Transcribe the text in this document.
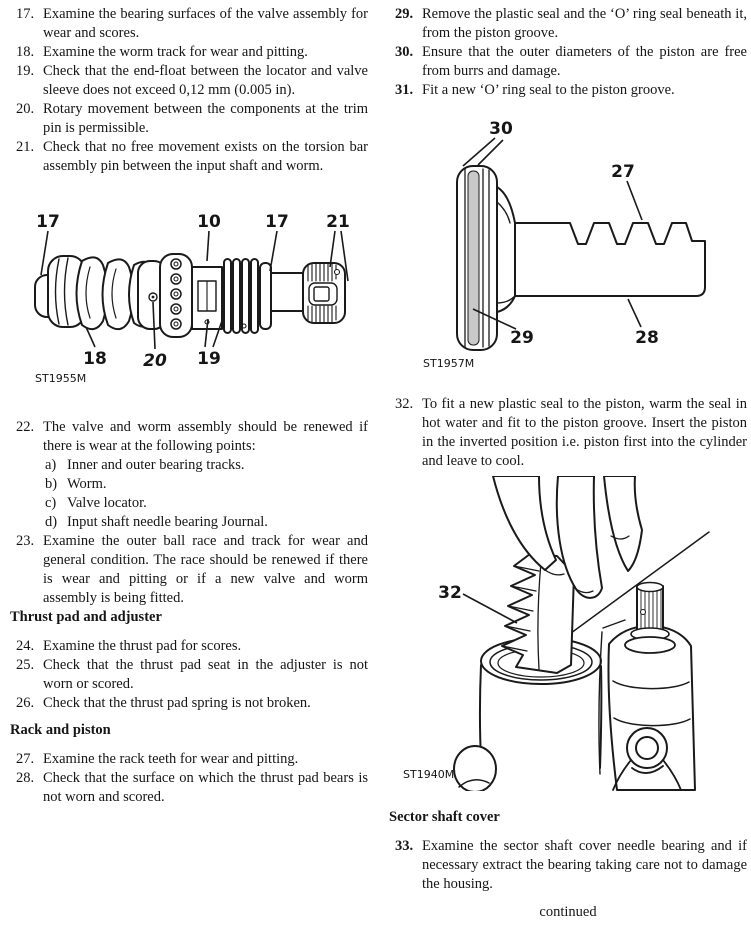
17. Examine the bearing surfaces of the valve assembly for wear and scores.
18. Examine the worm track for wear and pitting.
19. Check that the end-float between the locator and valve sleeve does not exceed 0,12 mm (0.005 in).
20. Rotary movement between the components at the trim pin is permissible.
21. Check that no free movement exists on the torsion bar assembly pin between the input shaft and worm.
17	10	17 21
18 20 19
ST1955M
22. The valve and worm assembly should be renewed if there is wear at the following points:
a) Inner and outer bearing tracks.
b) Worm.
c) Valve locator.
d) Input shaft needle bearing Journal.
23. Examine the outer ball race and track for wear and general condition. The race should be renewed if there is wear and pitting or if a new valve and worm assembly is being fitted.
Thrust pad and adjuster
24. Examine the thrust pad for scores.
25. Check that the thrust pad seat in the adjuster is not worn or scored.
26. Check that the thrust pad spring is not broken.
Rack and piston
27. Examine the rack teeth for wear and pitting.
28. Check that the surface on which the thrust pad bears is not worn and scored.
29. Remove the plastic seal and the ‘O’ ring seal beneath it, from the piston groove.
30. Ensure that the outer diameters of the piston are free from burrs and damage.
31. Fit a new ‘O’ ring seal to the piston groove.
30
27
29	28
ST1957M
32. To fit a new plastic seal to the piston, warm the seal in hot water and fit to the piston groove. Insert the piston in the inverted position i.e. piston first into the cylinder and leave to cool.
32
ST1940M
Sector shaft cover
33. Examine the sector shaft cover needle bearing and if necessary extract the bearing taking care not to damage the housing.
continued
